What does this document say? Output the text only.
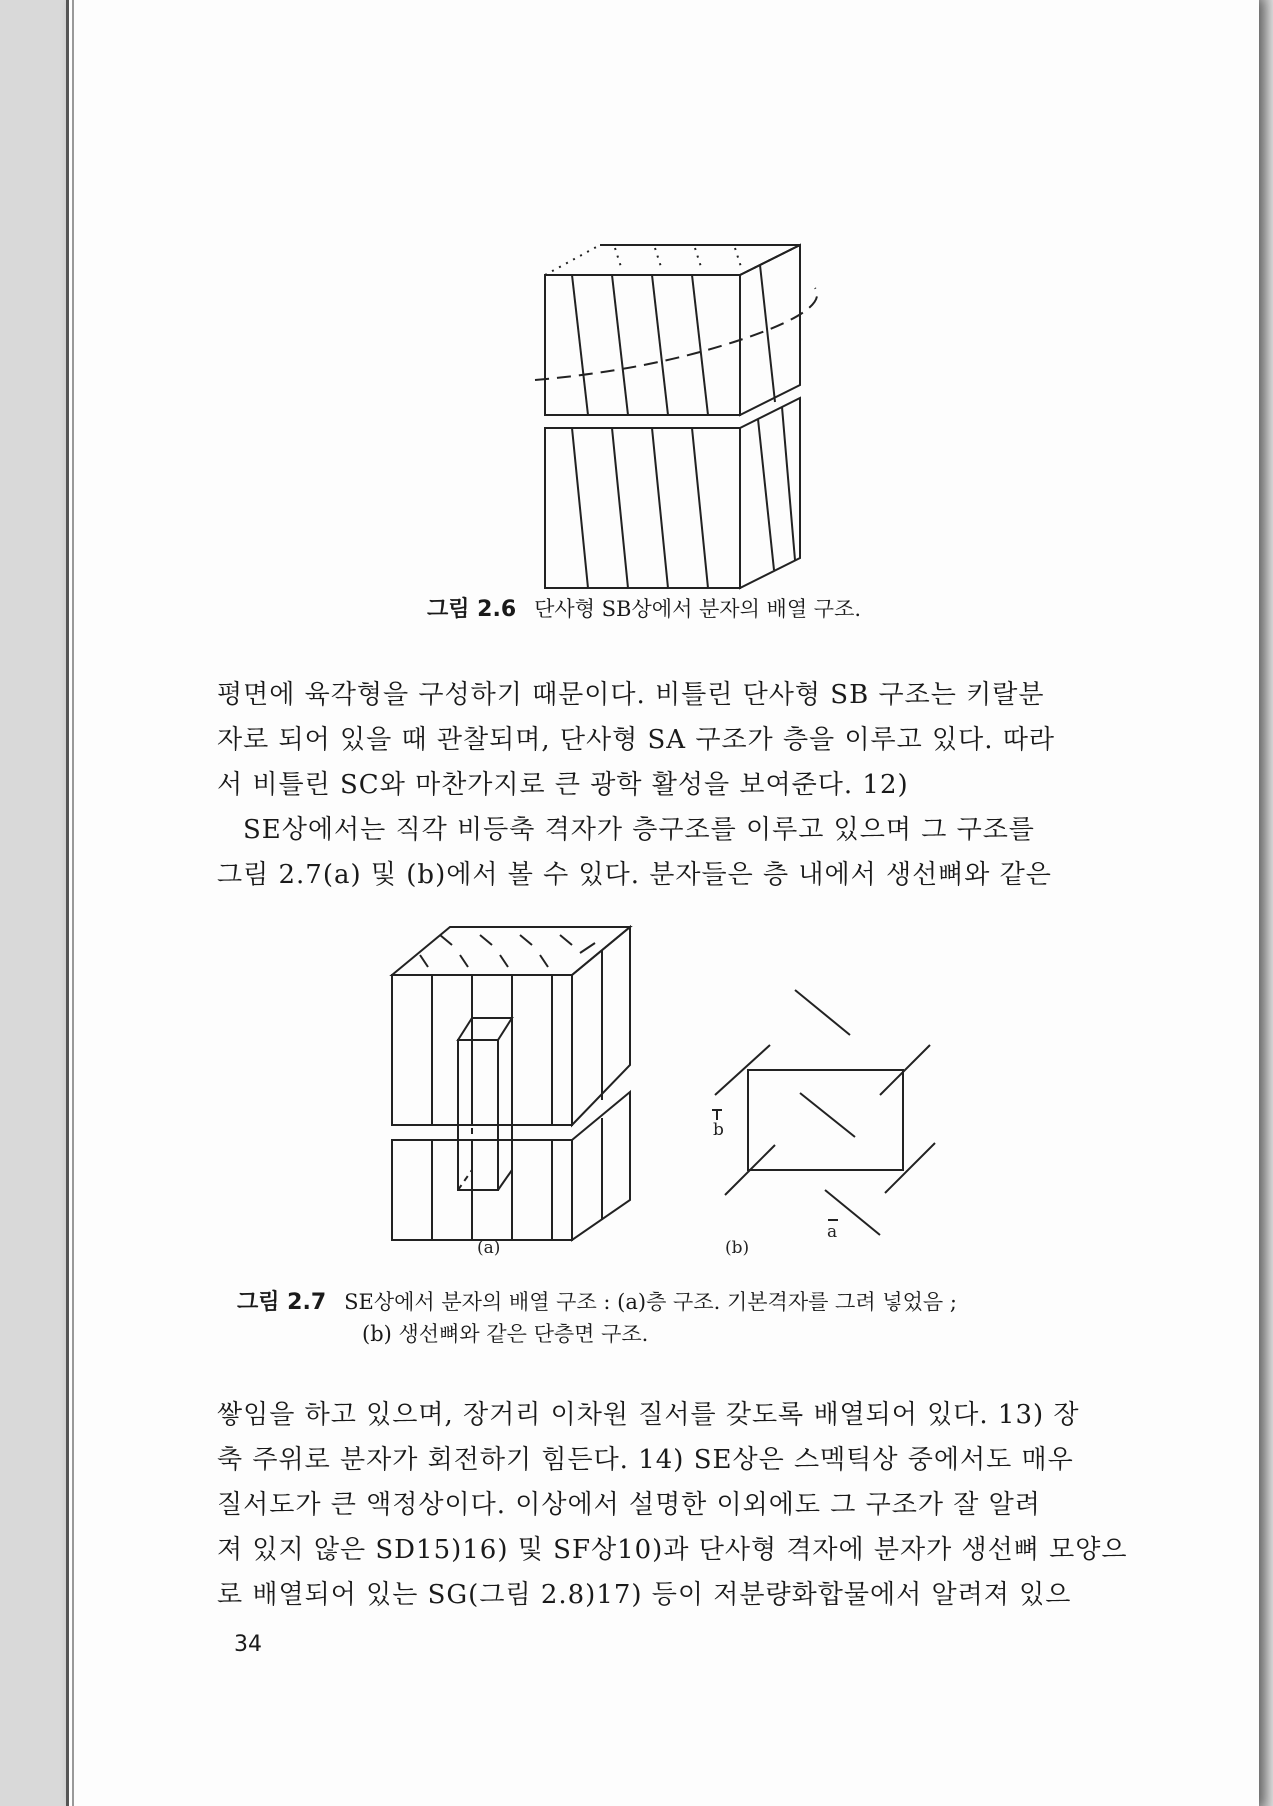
그림 2.6 단사형 SB상에서 분자의 배열 구조.
평면에 육각형을 구성하기 때문이다. 비틀린 단사형 SB 구조는 키랄분
자로 되어 있을 때 관찰되며, 단사형 SA 구조가 층을 이루고 있다. 따라
서 비틀린 SC와 마찬가지로 큰 광학 활성을 보여준다. 12)
SE상에서는 직각 비등축 격자가 층구조를 이루고 있으며 그 구조를
그림 2.7(a) 및 (b)에서 볼 수 있다. 분자들은 층 내에서 생선뼈와 같은
(a)	(b)
b
a
그림 2.7 SE상에서 분자의 배열 구조 : (a)층 구조. 기본격자를 그려 넣었음 ;
(b) 생선뼈와 같은 단층면 구조.
쌓임을 하고 있으며, 장거리 이차원 질서를 갖도록 배열되어 있다. 13) 장
축 주위로 분자가 회전하기 힘든다. 14) SE상은 스멕틱상 중에서도 매우
질서도가 큰 액정상이다. 이상에서 설명한 이외에도 그 구조가 잘 알려
져 있지 않은 SD15)16) 및 SF상10)과 단사형 격자에 분자가 생선뼈 모양으
로 배열되어 있는 SG(그림 2.8)17) 등이 저분량화합물에서 알려져 있으
34
